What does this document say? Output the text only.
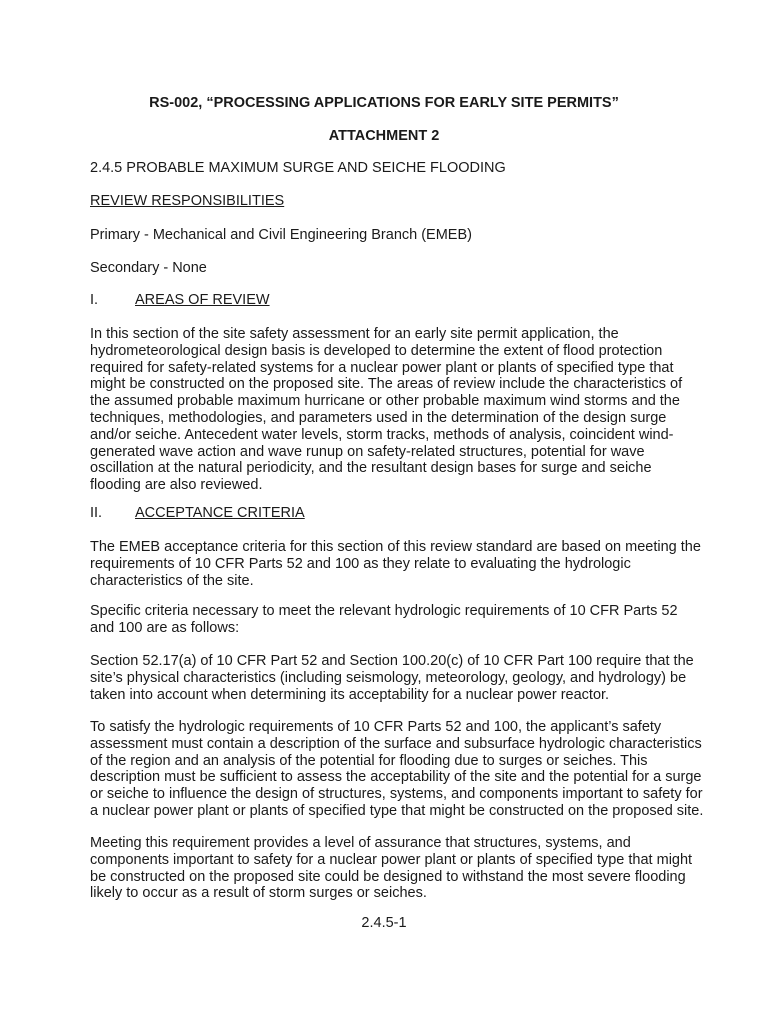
RS-002, “PROCESSING APPLICATIONS FOR EARLY SITE PERMITS”

ATTACHMENT 2

2.4.5 PROBABLE MAXIMUM SURGE AND SEICHE FLOODING

REVIEW RESPONSIBILITIES

Primary - Mechanical and Civil Engineering Branch (EMEB)

Secondary - None

I.	AREAS OF REVIEW

In this section of the site safety assessment for an early site permit application, the
hydrometeorological design basis is developed to determine the extent of flood protection
required for safety-related systems for a nuclear power plant or plants of specified type that
might be constructed on the proposed site. The areas of review include the characteristics of
the assumed probable maximum hurricane or other probable maximum wind storms and the
techniques, methodologies, and parameters used in the determination of the design surge
and/or seiche. Antecedent water levels, storm tracks, methods of analysis, coincident wind-
generated wave action and wave runup on safety-related structures, potential for wave
oscillation at the natural periodicity, and the resultant design bases for surge and seiche
flooding are also reviewed.

II. ACCEPTANCE CRITERIA

The EMEB acceptance criteria for this section of this review standard are based on meeting the
requirements of 10 CFR Parts 52 and 100 as they relate to evaluating the hydrologic
characteristics of the site.

Specific criteria necessary to meet the relevant hydrologic requirements of 10 CFR Parts 52
and 100 are as follows:

Section 52.17(a) of 10 CFR Part 52 and Section 100.20(c) of 10 CFR Part 100 require that the
site’s physical characteristics (including seismology, meteorology, geology, and hydrology) be
taken into account when determining its acceptability for a nuclear power reactor.

To satisfy the hydrologic requirements of 10 CFR Parts 52 and 100, the applicant’s safety
assessment must contain a description of the surface and subsurface hydrologic characteristics
of the region and an analysis of the potential for flooding due to surges or seiches. This
description must be sufficient to assess the acceptability of the site and the potential for a surge
or seiche to influence the design of structures, systems, and components important to safety for
a nuclear power plant or plants of specified type that might be constructed on the proposed site.

Meeting this requirement provides a level of assurance that structures, systems, and
components important to safety for a nuclear power plant or plants of specified type that might
be constructed on the proposed site could be designed to withstand the most severe flooding
likely to occur as a result of storm surges or seiches.

2.4.5-1
